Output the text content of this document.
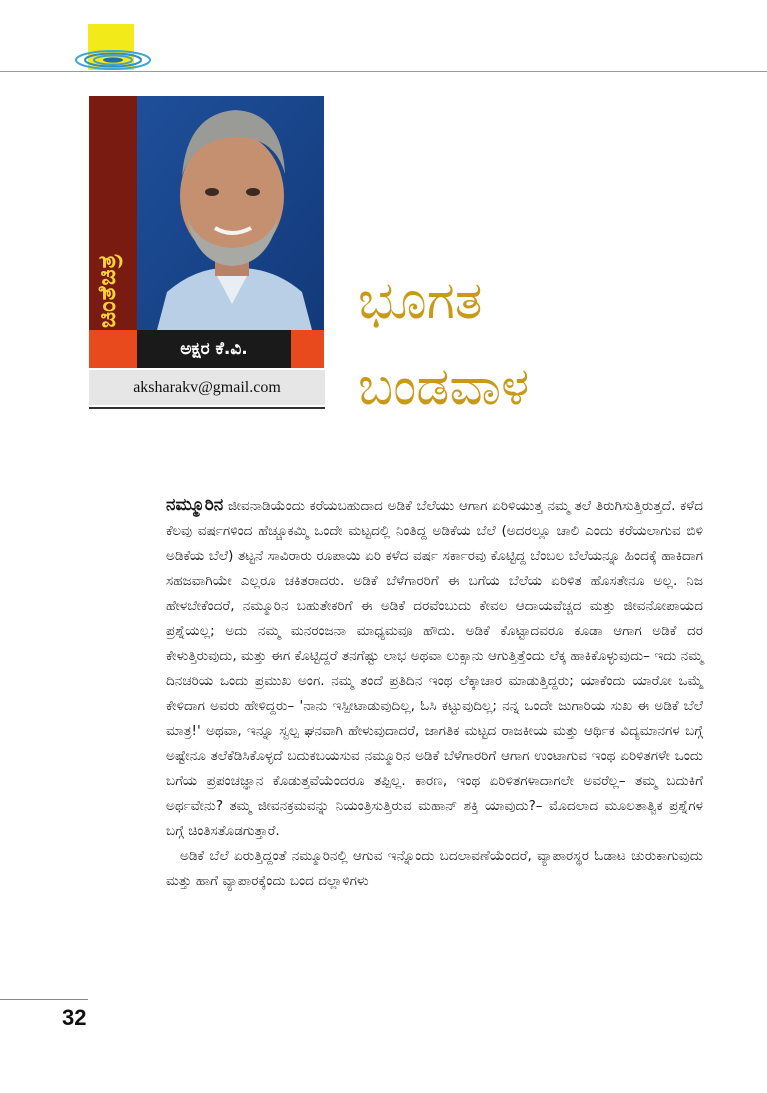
ಚಿಂತೆಚಿತ್ರ
ಅಕ್ಷರ ಕೆ.ವಿ.
aksharakv@gmail.com
ಭೂಗತ
ಬಂಡವಾಳ

ನಮ್ಮೂರಿನ ಜೀವನಾಡಿಯೆಂದು ಕರೆಯಬಹುದಾದ ಅಡಿಕೆ ಬೆಲೆಯು ಆಗಾಗ ಏರಿಳಿಯುತ್ತ ನಮ್ಮ ತಲೆ ತಿರುಗಿಸುತ್ತಿರುತ್ತದೆ. ಕಳೆದ ಕೆಲವು ವರ್ಷಗಳಿಂದ ಹೆಚ್ಚೂಕಮ್ಮಿ ಒಂದೇ ಮಟ್ಟದಲ್ಲಿ ನಿಂತಿದ್ದ ಅಡಿಕೆಯ ಬೆಲೆ (ಅದರಲ್ಲೂ ಚಾಲಿ ಎಂದು ಕರೆಯಲಾಗುವ ಬಿಳಿ ಅಡಿಕೆಯ ಬೆಲೆ) ತಟ್ಟನೆ ಸಾವಿರಾರು ರೂಪಾಯಿ ಏರಿ ಕಳೆದ ವರ್ಷ ಸರ್ಕಾರವು ಕೊಟ್ಟಿದ್ದ ಬೆಂಬಲ ಬೆಲೆಯನ್ನೂ ಹಿಂದಕ್ಕೆ ಹಾಕಿದಾಗ ಸಹಜವಾಗಿಯೇ ಎಲ್ಲರೂ ಚಕಿತರಾದರು. ಅಡಿಕೆ ಬೆಳೆಗಾರರಿಗೆ ಈ ಬಗೆಯ ಬೆಲೆಯ ಏರಿಳಿತ ಹೊಸತೇನೂ ಅಲ್ಲ. ನಿಜ ಹೇಳಬೇಕೆಂದರೆ, ನಮ್ಮೂರಿನ ಬಹುತೇಕರಿಗೆ ಈ ಅಡಿಕೆ ದರವೆಂಬುದು ಕೇವಲ ಆದಾಯವೆಚ್ಚದ ಮತ್ತು ಜೀವನೋಪಾಯದ ಪ್ರಶ್ನೆಯಲ್ಲ; ಅದು ನಮ್ಮ ಮನರಂಜನಾ ಮಾಧ್ಯಮವೂ ಹೌದು. ಅಡಿಕೆ ಕೊಟ್ಟಾದವರೂ ಕೂಡಾ ಆಗಾಗ ಅಡಿಕೆ ದರ ಕೇಳುತ್ತಿರುವುದು, ಮತ್ತು ಈಗ ಕೊಟ್ಟಿದ್ದರೆ ತನಗೆಷ್ಟು ಲಾಭ ಅಥವಾ ಲುಕ್ಸಾನು ಆಗುತ್ತಿತ್ತೆಂದು ಲೆಕ್ಕ ಹಾಕಿಕೊಳ್ಳುವುದು– ಇದು ನಮ್ಮ ದಿನಚರಿಯ ಒಂದು ಪ್ರಮುಖ ಅಂಗ. ನಮ್ಮ ತಂದೆ ಪ್ರತಿದಿನ ಇಂಥ ಲೆಕ್ಕಾಚಾರ ಮಾಡುತ್ತಿದ್ದರು; ಯಾಕೆಂದು ಯಾರೋ ಒಮ್ಮೆ ಕೇಳಿದಾಗ ಅವರು ಹೇಳಿದ್ದರು– 'ನಾನು ಇಸ್ಪೀಟಾಡುವುದಿಲ್ಲ, ಓಸಿ ಕಟ್ಟುವುದಿಲ್ಲ; ನನ್ನ ಒಂದೇ ಜುಗಾರಿಯ ಸುಖ ಈ ಅಡಿಕೆ ಬೆಲೆ ಮಾತ್ರ!' ಅಥವಾ, ಇನ್ನೂ ಸ್ವಲ್ಪ ಘನವಾಗಿ ಹೇಳುವುದಾದರೆ, ಜಾಗತಿಕ ಮಟ್ಟದ ರಾಜಕೀಯ ಮತ್ತು ಆರ್ಥಿಕ ವಿದ್ಯಮಾನಗಳ ಬಗ್ಗೆ ಅಷ್ಟೇನೂ ತಲೆಕೆಡಿಸಿಕೊಳ್ಳದೆ ಬದುಕಬಯಸುವ ನಮ್ಮೂರಿನ ಅಡಿಕೆ ಬೆಳೆಗಾರರಿಗೆ ಆಗಾಗ ಉಂಟಾಗುವ ಇಂಥ ಏರಿಳಿತಗಳೇ ಒಂದು ಬಗೆಯ ಪ್ರಪಂಚಜ್ಞಾನ ಕೊಡುತ್ತವೆಯೆಂದರೂ ತಪ್ಪಿಲ್ಲ. ಕಾರಣ, ಇಂಥ ಏರಿಳಿತಗಳಾದಾಗಲೇ ಅವರೆಲ್ಲ– ತಮ್ಮ ಬದುಕಿಗೆ ಅರ್ಥವೇನು? ತಮ್ಮ ಜೀವನಕ್ರಮವನ್ನು ನಿಯಂತ್ರಿಸುತ್ತಿರುವ ಮಹಾನ್ ಶಕ್ತಿ ಯಾವುದು?– ಮೊದಲಾದ ಮೂಲತಾತ್ವಿಕ ಪ್ರಶ್ನೆಗಳ ಬಗ್ಗೆ ಚಿಂತಿಸತೊಡಗುತ್ತಾರೆ.

ಅಡಿಕೆ ಬೆಲೆ ಏರುತ್ತಿದ್ದಂತೆ ನಮ್ಮೂರಿನಲ್ಲಿ ಆಗುವ ಇನ್ನೊಂದು ಬದಲಾವಣೆಯೆಂದರೆ, ವ್ಯಾಪಾರಸ್ಥರ ಓಡಾಟ ಚುರುಕಾಗುವುದು ಮತ್ತು ಹಾಗೆ ವ್ಯಾಪಾರಕ್ಕೆಂದು ಬಂದ ದಲ್ಲಾಳಿಗಳು

32
